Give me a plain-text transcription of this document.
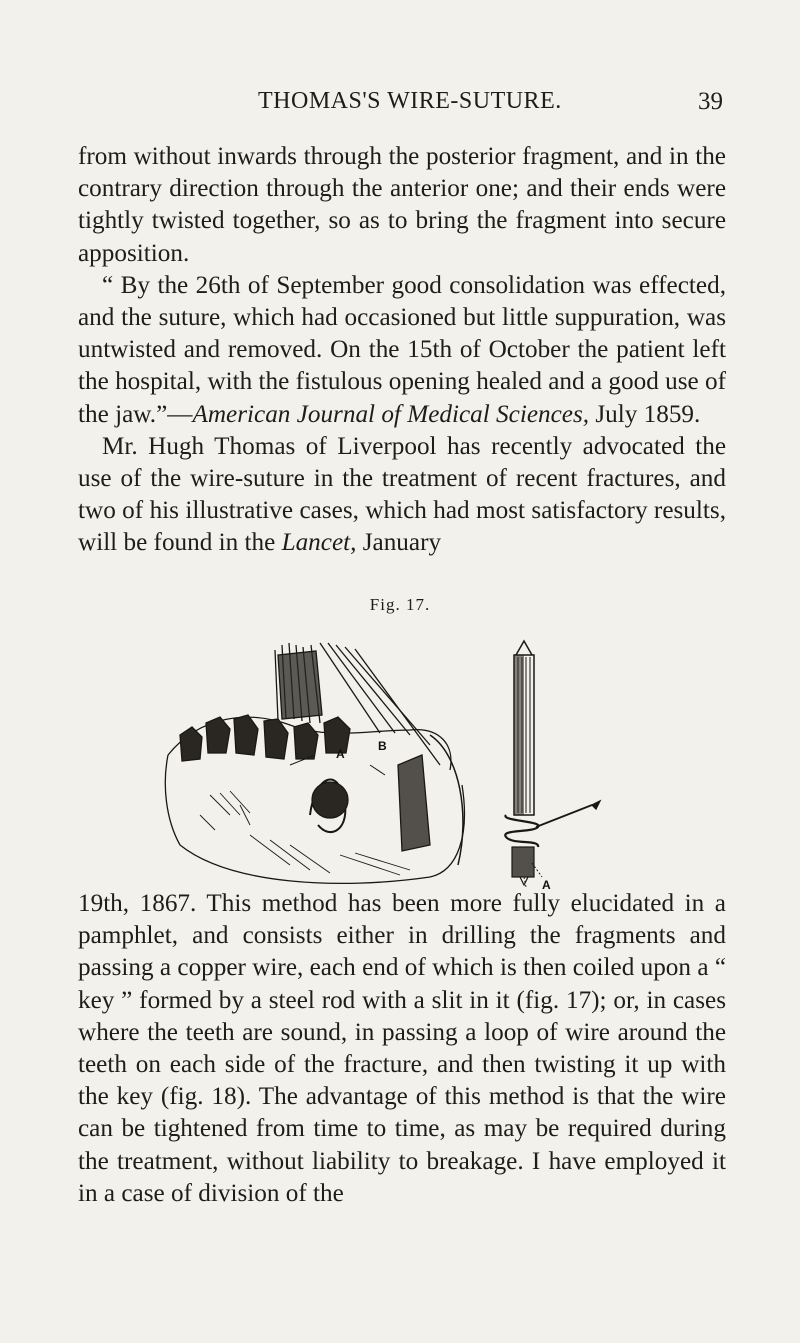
THOMAS'S WIRE-SUTURE.	39

from without inwards through the posterior fragment, and in the contrary direction through the anterior one; and their ends were tightly twisted together, so as to bring the fragment into secure apposition.

“ By the 26th of September good consolidation was effected, and the suture, which had occasioned but little suppuration, was untwisted and removed. On the 15th of October the patient left the hospital, with the fistulous opening healed and a good use of the jaw.”—American Journal of Medical Sciences, July 1859.

Mr. Hugh Thomas of Liverpool has recently advocated the use of the wire-suture in the treatment of recent fractures, and two of his illustrative cases, which had most satisfactory results, will be found in the Lancet, January

Fig. 17.
B
A
A

19th, 1867. This method has been more fully elucidated in a pamphlet, and consists either in drilling the fragments and passing a copper wire, each end of which is then coiled upon a “ key ” formed by a steel rod with a slit in it (fig. 17); or, in cases where the teeth are sound, in passing a loop of wire around the teeth on each side of the fracture, and then twisting it up with the key (fig. 18). The advantage of this method is that the wire can be tightened from time to time, as may be required during the treatment, without liability to breakage. I have employed it in a case of division of the
